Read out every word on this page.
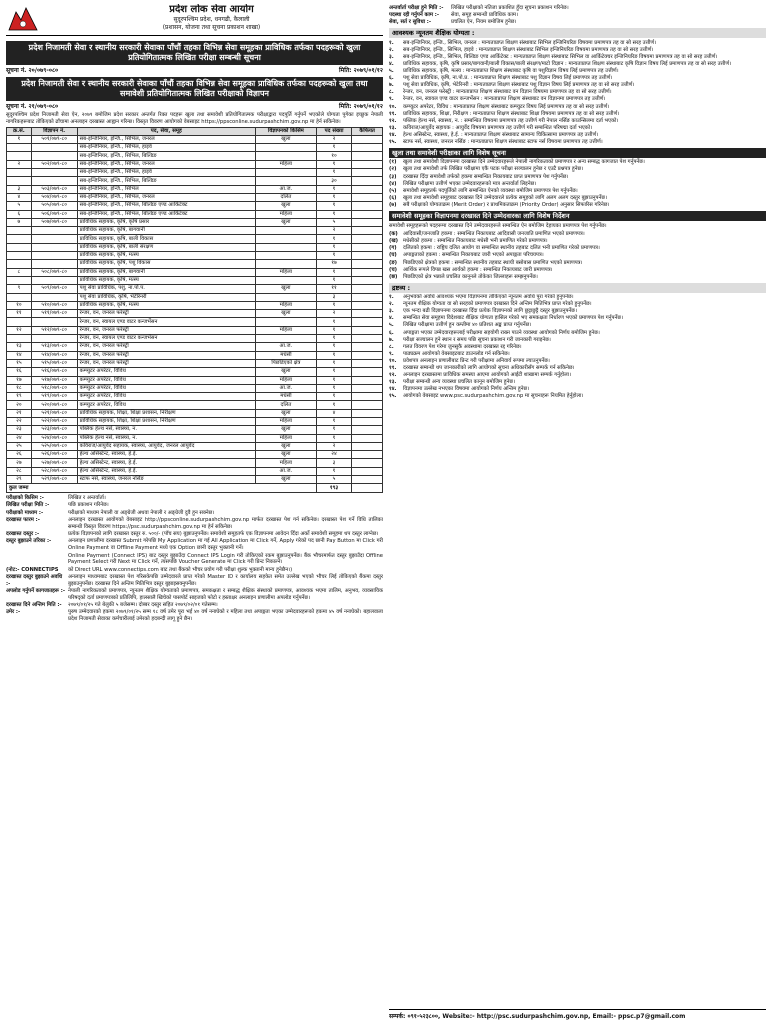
प्रदेश लोक सेवा आयोग
सुदूरपश्चिम प्रदेश, धनगढी, कैलाली
(प्रशासन, योजना तथा सूचना प्रकाशन शाखा)
प्रदेश निजामती सेवा र स्थानीय सरकारी सेवाका पाँचौं तहका विभिन्न सेवा समूहका प्राविधिक तर्फका पदहरूको खुला प्रतियोगितात्मक लिखित परीक्षा सम्बन्धी सूचना
सूचना नं. २०/०७९-०८०	मिति: २०७९/०१/१२
प्रदेश निजामती सेवा र स्थानीय सरकारी सेवाका पाँचौं तहका विभिन्न सेवा समूहका प्राविधिक तर्फका पदहरूको खुला तथा समावेशी प्रतियोगितात्मक लिखित परीक्षाको विज्ञापन
सूचना नं. २१/०७९-०८०	मिति: २०७९/०१/१२
सुदूरपश्चिम प्रदेश निजामती सेवा ऐन, २०७९ बमोजिम प्रदेश सरकार अन्तर्गत रिक्त पदहरू खुला तथा समावेशी प्रतियोगितात्मक परीक्षाद्वारा पदपूर्ति गर्नुपर्ने भएकोले योग्यता पुगेका इच्छुक नेपाली नागरिकहरूबाट तोकिएको ढाँचामा अनलाइन दरखास्त आह्वान गरिन्छ। विस्तृत विवरण आयोगको वेबसाइट https://ppsconline.sudurpashchim.gov.np मा हेर्न सकिनेछ।
क्र.सं.	विज्ञापन नं.	पद, सेवा, समूह	विज्ञापनको किसिम	पद संख्या	कैफियत
१	५०१/०७९-८०	सब-इन्जिनियर, इन्जि., सिभिल, जनरल	खुला	२	
		सब-इन्जिनियर, इन्जि., सिभिल, हाइवे		१	
		सब-इन्जिनियर, इन्जि., सिभिल, बिल्डिङ		१०	
२	५०२/०७९-८०	सब-इन्जिनियर, इन्जि., सिभिल, जनरल	महिला	१	
		सब-इन्जिनियर, इन्जि., सिभिल, हाइवे		१	
		सब-इन्जिनियर, इन्जि., सिभिल, बिल्डिङ		३०	
३	५०३/०७९-८०	सब-इन्जिनियर, इन्जि., सिभिल	आ.ज.	१	
४	५०४/०७९-८०	सब-इन्जिनियर, इन्जि., सिभिल, जनरल	दलित	१	
५	५०५/०७९-८०	सब-इन्जिनियर, इन्जि., सिभिल, बिल्डिङ एण्ड आर्किटेक्ट	खुला	१	
६	५०६/०७९-८०	सब-इन्जिनियर, इन्जि., सिभिल, बिल्डिङ एण्ड आर्किटेक्ट	महिला	१	
७	५०७/०७९-८०	प्राविधिक सहायक, कृषि, कृषि प्रसार	खुला	५	
		प्राविधिक सहायक, कृषि, बागवानी		२	
		प्राविधिक सहायक, कृषि, बाली विकास		१	
		प्राविधिक सहायक, कृषि, बाली संरक्षण		१	
		प्राविधिक सहायक, कृषि, मत्स्य		१	
		प्राविधिक सहायक, कृषि, पशु विकास		१७	
८	५०८/०७९-८०	प्राविधिक सहायक, कृषि, बागवानी	महिला	१	
		प्राविधिक सहायक, कृषि, मत्स्य		१	
९	५०९/०७९-८०	पशु सेवा प्राविधिक, पशु, ना.पो.प.	खुला	११	
		पशु सेवा प्राविधिक, कृषि, भेटेरिनरी		३	
१०	५१०/०७९-८०	प्राविधिक सहायक, कृषि, मत्स्य	महिला	१	
११	५११/०७९-८०	रेन्जर, वन, जनरल फरेस्ट्री	खुला	२	
		रेन्जर, वन, स्वायल एण्ड वाटर कन्जर्भेसन		१	
१२	५१२/०७९-८०	रेन्जर, वन, जनरल फरेस्ट्री	महिला	१	
		रेन्जर, वन, स्वायल एण्ड वाटर कन्जर्भेसन		१	
१३	५१३/०७९-८०	रेन्जर, वन, जनरल फरेस्ट्री	आ.ज.	१	
१४	५१४/०७९-८०	रेन्जर, वन, जनरल फरेस्ट्री	मधेसी	१	
१५	५१५/०७९-८०	रेन्जर, वन, जनरल फरेस्ट्री	पिछडिएको क्षेत्र	१	
१६	५१६/०७९-८०	कम्प्युटर अपरेटर, विविध	खुला	१	
१७	५१७/०७९-८०	कम्प्युटर अपरेटर, विविध	महिला	१	
१८	५१८/०७९-८०	कम्प्युटर अपरेटर, विविध	आ.ज.	१	
१९	५१९/०७९-८०	कम्प्युटर अपरेटर, विविध	मधेसी	१	
२०	५२०/०७९-८०	कम्प्युटर अपरेटर, विविध	दलित	१	
२१	५२१/०७९-८०	प्राविधिक सहायक, शिक्षा, शिक्षा प्रशासन, निरीक्षण	खुला	४	
२२	५२२/०७९-८०	प्राविधिक सहायक, शिक्षा, शिक्षा प्रशासन, निरीक्षण	महिला	१	
२३	५२३/०७९-८०	पब्लिक हेल्थ नर्स, स्वास्थ्य, न.	खुला	१	
२४	५२४/०७९-८०	पब्लिक हेल्थ नर्स, स्वास्थ्य, न.	महिला	१	
२५	५२५/०७९-८०	कविराज/आयुर्वेद सहायक, स्वास्थ्य, आयुर्वेद, जनरल आयुर्वेद	खुला	२	
२६	५२६/०७९-८०	हेल्थ असिस्टेन्ट, स्वास्थ्य, हे.ई.	खुला	२४	
२७	५२७/०७९-८०	हेल्थ असिस्टेन्ट, स्वास्थ्य, हे.ई.	महिला	३	
२८	५२८/०७९-८०	हेल्थ असिस्टेन्ट, स्वास्थ्य, हे.ई.	आ.ज.	१	
२९	५२९/०७९-८०	स्टाफ नर्स, स्वास्थ्य, जनरल नर्सिङ	खुला	५	
कुल जम्मा				१९३	
परीक्षाको किसिम :-	लिखित र अन्तर्वार्ता।
लिखित परीक्षा मिति :-	पछि प्रकाशन गरिनेछ।
परीक्षाको माध्यम :-	परीक्षाको माध्यम नेपाली वा अङ्ग्रेजी अथवा नेपाली र अङ्ग्रेजी दुवै हुन सक्नेछ।
दरखास्त फारम :-	अनलाइन दरखास्त आयोगको वेबसाइट http://ppsconline.sudurpashchim.gov.np मार्फत दरखास्त पेश गर्न सकिनेछ। दरखास्त पेश गर्ने विधि तालिका सम्बन्धी विस्तृत विवरण https://psc.sudurpashchim.gov.np मा हेर्न सकिनेछ।
दरखास्त दस्तुर :-	प्रत्येक विज्ञापनको लागि दरखास्त दस्तुर रु. ५००/- (पाँच सय) बुझाउनुपर्नेछ। समावेशी समूहतर्फ एक विज्ञापनमा आवेदन दिँदा अर्को समावेशी समूहमा थप दस्तुर लाग्नेछ।
दस्तुर बुझाउने तरिका :-	अनलाइन प्रणालीमा दरखास्त Submit गरेपछि My Application मा गई All Application मा Click गर्ने, Apply गरेको पद छानी Pay Button मा Click गरी Online Payment वा Offline Payment मध्ये एक Option छानी दस्तुर भुक्तानी गर्ने।
Online Payment (Connect IPS) बाट दस्तुर बुझाउँदा Connect IPS Login गरी तोकिएको रकम बुझाउनुपर्नेछ। बैंक भौचरमार्फत दस्तुर बुझाउँदा Offline Payment Select गरी Next मा Click गर्ने, त्यसपछि Voucher Generate मा Click गरी प्रिन्ट निकाल्ने।
(नोट:- CONNECTIPS	को Direct URL www.connectips.com बाट तथा बैंकको भौचर प्रयोग गरी परीक्षा शुल्क भुक्तानी मान्य हुनेछैन।)
दरखास्त दस्तुर बुझाउने अवधि :-
अनलाइन माध्यमबाट दरखास्त पेश गरिसकेपछि उम्मेदवारले प्राप्त गरेको Master ID र कार्यालय सहकेत समेत उल्लेख भएको भौचर लिई तोकिएको बैंकमा दस्तुर बुझाउनुपर्नेछ। दरखास्त दिने अन्तिम मितिभित्र दस्तुर बुझाइसक्नुपर्नेछ।
अपलोड गर्नुपर्ने कागजातहरू :- नेपाली नागरिकताको प्रमाणपत्र, न्यूनतम शैक्षिक योग्यताको प्रमाणपत्र, समकक्षता र सम्बद्ध शैक्षिक संस्थाको प्रमाणपत्र, आवश्यक भएमा तालिम, अनुभव, व्यवसायिक परिषद्को दर्ता प्रमाणपत्रको प्रतिलिपि, हालसालै खिचेको पासपोर्ट साइजको फोटो र हस्ताक्षर अनलाइन प्रणालीमा अपलोड गर्नुपर्नेछ।
दरखास्त दिने अन्तिम मिति :-	२०७९/०१/२५ गते बेलुकी ५ बजेसम्म। दोब्बर दस्तुर सहित २०७९/०२/०१ गतेसम्म।
उमेर :-	पुरुष उम्मेदवारको हकमा २०७९/०१/२५ सम्म १८ वर्ष उमेर पूरा भई ४० वर्ष ननाघेको र महिला तथा अपाङ्गता भएका उम्मेदवारहरूको हकमा ४५ वर्ष ननाघेको। बहालवाला प्रदेश निजामती सेवाका कर्मचारीलाई उमेरको हदबन्दी लागू हुने छैन।
अन्तर्वार्ता परीक्षा हुने मिति :-	लिखित परीक्षाको नतिजा प्रकाशित हुँदा सूचना प्रकाशन गरिनेछ।
पदस्था रही गर्नुपर्ने काम :-	सेवा, समूह सम्बन्धी प्राविधिक काम।
सेवा, सर्त र सुविधा :-	प्रचलित ऐन, नियम बमोजिम हुनेछ।
आवश्यक न्यूनतम शैक्षिक योग्यता :
१.	सब-इन्जिनियर, इन्जि., सिभिल, जनरल : मान्यताप्राप्त शिक्षण संस्थाबाट सिभिल इन्जिनियरिङ विषयमा प्रमाणपत्र तह वा सो सरह उत्तीर्ण।
२.	सब-इन्जिनियर, इन्जि., सिभिल, हाइवे : मान्यताप्राप्त शिक्षण संस्थाबाट सिभिल इन्जिनियरिङ विषयमा प्रमाणपत्र तह वा सो सरह उत्तीर्ण।
३.	सब-इन्जिनियर, इन्जि., सिभिल, बिल्डिङ एण्ड आर्किटेक्ट : मान्यताप्राप्त शिक्षण संस्थाबाट सिभिल वा आर्किटेक्चर इन्जिनियरिङ विषयमा प्रमाणपत्र तह वा सो सरह उत्तीर्ण।
४.	प्राविधिक सहायक, कृषि, कृषि प्रसार/बागवानी/बाली विकास/बाली संरक्षण/माटो विज्ञान : मान्यताप्राप्त शिक्षण संस्थाबाट कृषि विज्ञान विषय लिई प्रमाणपत्र तह वा सो सरह उत्तीर्ण।
५.	प्राविधिक सहायक, कृषि, मत्स्य : मान्यताप्राप्त शिक्षण संस्थाबाट कृषि वा पशुविज्ञान विषय लिई प्रमाणपत्र तह उत्तीर्ण।
६.	पशु सेवा प्राविधिक, कृषि, ना.पो.प्र. : मान्यताप्राप्त शिक्षण संस्थाबाट पशु विज्ञान विषय लिई प्रमाणपत्र तह उत्तीर्ण।
७.	पशु सेवा प्राविधिक, कृषि, भेटेरिनरी : मान्यताप्राप्त शिक्षण संस्थाबाट पशु विज्ञान विषय लिई प्रमाणपत्र तह वा सो सरह उत्तीर्ण।
८.	रेन्जर, वन, जनरल फरेस्ट्री : मान्यताप्राप्त शिक्षण संस्थाबाट वन विज्ञान विषयमा प्रमाणपत्र तह वा सो सरह उत्तीर्ण।
९.	रेन्जर, वन, स्वायल एण्ड वाटर कन्जर्भेसन : मान्यताप्राप्त शिक्षण संस्थाबाट वन विज्ञानमा प्रमाणपत्र तह उत्तीर्ण।
१०.	कम्प्युटर अपरेटर, विविध : मान्यताप्राप्त शिक्षण संस्थाबाट कम्प्युटर विषय लिई प्रमाणपत्र तह वा सो सरह उत्तीर्ण।
११.	प्राविधिक सहायक, शिक्षा, निरीक्षण : मान्यताप्राप्त शिक्षण संस्थाबाट शिक्षा विषयमा प्रमाणपत्र तह वा सो सरह उत्तीर्ण।
१२.	पब्लिक हेल्थ नर्स, स्वास्थ्य, न. : सम्बन्धित विषयमा प्रमाणपत्र तह उत्तीर्ण गरी नेपाल नर्सिङ काउन्सिलमा दर्ता भएको।
१३.	कविराज/आयुर्वेद सहायक : आयुर्वेद विषयमा प्रमाणपत्र तह उत्तीर्ण गरी सम्बन्धित परिषद्मा दर्ता भएको।
१४.	हेल्थ असिस्टेन्ट, स्वास्थ्य, हे.ई. : मान्यताप्राप्त शिक्षण संस्थाबाट सामान्य चिकित्सामा प्रमाणपत्र तह उत्तीर्ण।
१५.	स्टाफ नर्स, स्वास्थ्य, जनरल नर्सिङ : मान्यताप्राप्त शिक्षण संस्थाबाट स्टाफ नर्स विषयमा प्रमाणपत्र तह उत्तीर्ण।
खुला तथा समावेशी परीक्षाका लागि विशेष सूचना
(१)	खुला तथा समावेशी विज्ञापनमा दरखास्त दिने उम्मेदवारहरूले नेपाली नागरिकताको प्रमाणपत्र र अन्य सम्बद्ध कागजात पेश गर्नुपर्नेछ।
(२)	खुला तथा समावेशी तर्फ लिखित परीक्षामा एकै पटक परीक्षा सञ्चालन हुनेछ र एउटै प्रश्नपत्र हुनेछ।
(३)	दरखास्त दिँदा समावेशी तर्फको हकमा सम्बन्धित निकायबाट प्राप्त प्रमाणपत्र पेश गर्नुपर्नेछ।
(४)	लिखित परीक्षामा उत्तीर्ण भएका उम्मेदवारहरूको मात्र अन्तर्वार्ता लिइनेछ।
(५)	समावेशी समूहतर्फ पदपूर्तिको लागि सम्बन्धित ऐनको व्यवस्था बमोजिम प्रमाणपत्र पेश गर्नुपर्नेछ।
(६)	खुला तथा समावेशी समूहबाट दरखास्त दिने उम्मेदवारले प्रत्येक समूहको लागि अलग अलग दस्तुर बुझाउनुपर्नेछ।
(७)	सबै परीक्षाको योग्यताक्रम (Merit Order) र प्राथमिकताक्रम (Priority Order) अनुसार सिफारिस गरिनेछ।
समावेशी समूहका विज्ञापनमा दरखास्त दिने उम्मेदवारका लागि विशेष निर्देशन
समावेशी समूहहरूको पदहरूमा दरखास्त दिने उम्मेदवारहरूले सम्बन्धित ऐन बमोजिम देहायका प्रमाणपत्र पेश गर्नुपर्नेछ।
(क)	आदिवासी/जनजाति हकमा : सम्बन्धित निकायबाट आदिवासी जनजाति प्रमाणित भएको प्रमाणपत्र।
(ख) मधेसीको हकमा : सम्बन्धित निकायबाट मधेसी भनी प्रमाणित गरेको प्रमाणपत्र।
(ग)	दलितको हकमा : राष्ट्रिय दलित आयोग वा सम्बन्धित स्थानीय तहबाट दलित भनी प्रमाणित गरेको प्रमाणपत्र।
(घ)	अपाङ्गताको हकमा : सम्बन्धित निकायबाट जारी भएको अपाङ्गता परिचयपत्र।
(ङ)	पिछडिएको क्षेत्रको हकमा : सम्बन्धित स्थानीय तहबाट स्थायी बसोबास प्रमाणित भएको प्रमाणपत्र।
(च)	आर्थिक रूपले विपन्न खस आर्यको हकमा : सम्बन्धित निकायबाट जारी प्रमाणपत्र।
(छ)	पिछडिएको क्षेत्र भन्नाले प्रचलित कानूनले तोकेका जिल्लाहरू सम्झनुपर्नेछ।
द्रष्टव्य :
१.	अनुभवको अवधि आवश्यक भएमा विज्ञापनमा तोकिएको न्यूनतम अवधि पूरा गरेको हुनुपर्नेछ।
२.	न्यूनतम शैक्षिक योग्यता वा सो सरहको प्रमाणपत्र दरखास्त दिने अन्तिम मितिभित्र प्राप्त गरेको हुनुपर्नेछ।
३.	एक भन्दा बढी विज्ञापनमा दरखास्त दिँदा प्रत्येक विज्ञापनको लागि छुट्टाछुट्टै दस्तुर बुझाउनुपर्नेछ।
४.	सम्बन्धित सेवा समूहमा विदेशबाट शैक्षिक योग्यता हासिल गरेको भए समकक्षता निर्धारण भएको प्रमाणपत्र पेश गर्नुपर्नेछ।
५.	लिखित परीक्षामा उत्तीर्ण हुन कम्तीमा ४० प्रतिशत अङ्क प्राप्त गर्नुपर्नेछ।
६.	अपाङ्गता भएका उम्मेदवारहरूलाई परीक्षामा सहयोगी राख्न पाउने व्यवस्था आयोगको निर्णय बमोजिम हुनेछ।
७.	परीक्षा सञ्चालन हुने स्थान र समय पछि सूचना प्रकाशन गरी जानकारी गराइनेछ।
८.	गलत विवरण पेश गरेमा जुनसुकै अवस्थामा दरखास्त रद्द गरिनेछ।
९.	पाठ्यक्रम आयोगको वेबसाइटबाट डाउनलोड गर्न सकिनेछ।
१०.	प्रवेशपत्र अनलाइन प्रणालीबाट प्रिन्ट गरी परीक्षामा अनिवार्य रूपमा ल्याउनुपर्नेछ।
११.	दरखास्त सम्बन्धी थप जानकारीको लागि आयोगको सूचना अधिकारीसँग सम्पर्क गर्न सकिनेछ।
१२.	अनलाइन दरखास्तमा प्राविधिक समस्या आएमा आयोगको आईटी शाखामा सम्पर्क गर्नुहोला।
१३.	परीक्षा सम्बन्धी अन्य व्यवस्था प्रचलित कानून बमोजिम हुनेछ।
१४.	विज्ञापनमा उल्लेख नभएका विषयमा आयोगको निर्णय अन्तिम हुनेछ।
१५.	आयोगको वेबसाइट www.psc.sudurpashchim.gov.np मा सूचनाहरू नियमित हेर्नुहोला।
सम्पर्क: ०९१-५२३८००, Website:- http://psc.sudurpashchim.gov.np, Email:- ppsc.p7@gmail.com
